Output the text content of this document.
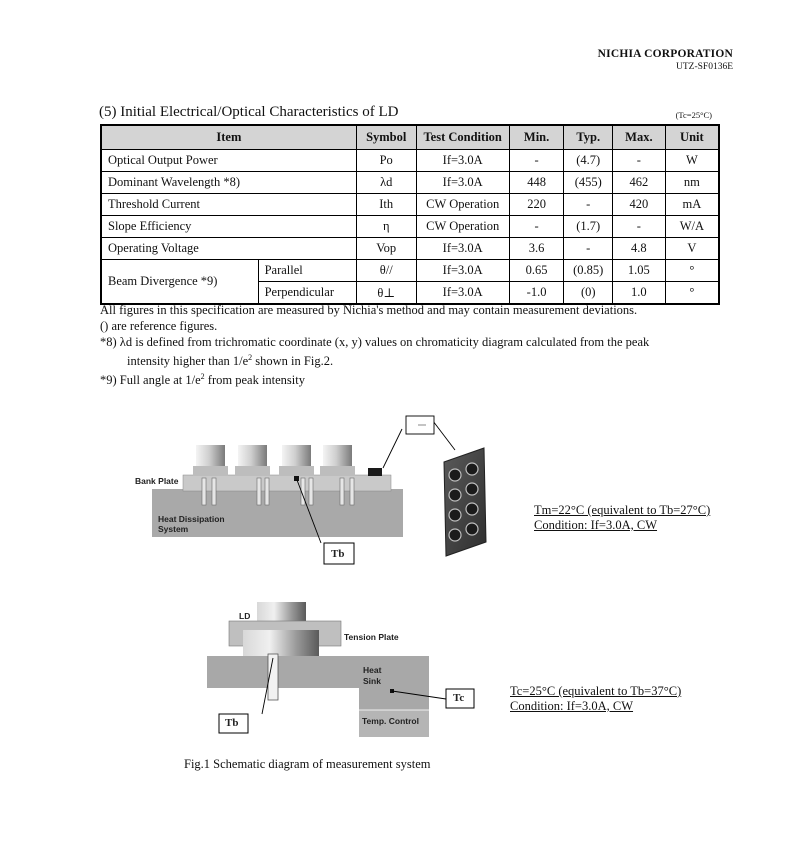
NICHIA CORPORATION
UTZ-SF0136E
(5) Initial Electrical/Optical Characteristics of LD	(Tc=25°C)
Item		Symbol	Test Condition	Min.	Typ.	Max.	Unit
Optical Output Power		Po	If=3.0A	-	(4.7)	-	W
Dominant Wavelength *8)		λd	If=3.0A	448	(455)	462	nm
Threshold Current		Ith	CW Operation	220	-	420	mA
Slope Efficiency		η	CW Operation	-	(1.7)	-	W/A
Operating Voltage		Vop	If=3.0A	3.6	-	4.8	V
Beam Divergence *9)	Parallel	θ//	If=3.0A	0.65	(0.85)	1.05	°
	Perpendicular	θ⊥	If=3.0A	-1.0	(0)	1.0	°

All figures in this specification are measured by Nichia's method and may contain measurement deviations.

() are reference figures.

*8) λd is defined from trichromatic coordinate (x, y) values on chromaticity diagram calculated from the peak

intensity higher than $1/e^2$ shown in Fig.2.

*9) Full angle at $1/e^2$ from peak intensity

Bank Plate
Heat Dissipation
System
Tb
LD
Tension Plate
Heat
Sink
Temp. Control
Tc
Tb
Tm=22°C (equivalent to Tb=27°C)
Condition: If=3.0A, CW
Tc=25°C (equivalent to Tb=37°C)
Condition: If=3.0A, CW
Fig.1 Schematic diagram of measurement system
